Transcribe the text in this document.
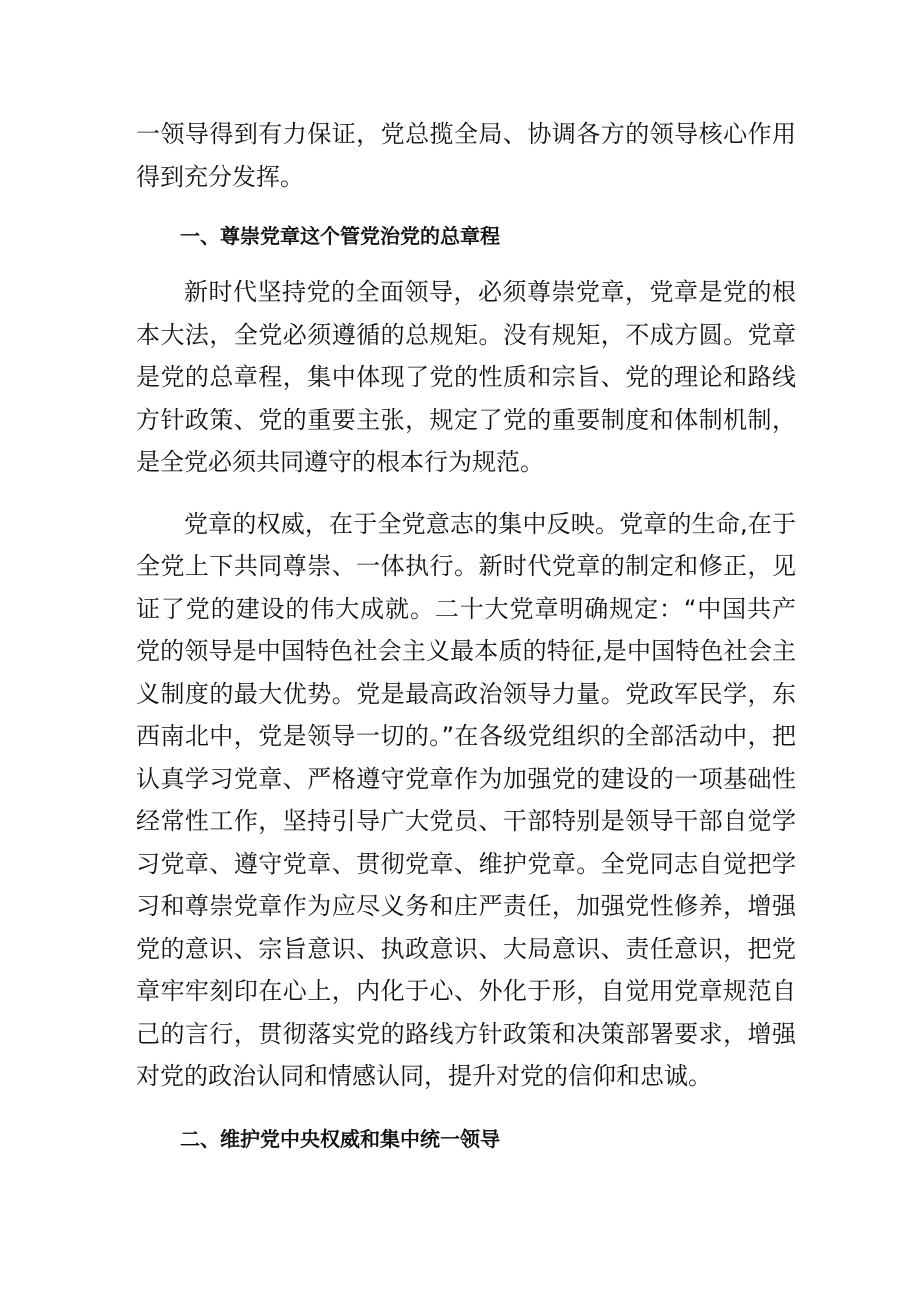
一领导得到有力保证，党总揽全局、协调各方的领导核心作用得到充分发挥。

一、尊崇党章这个管党治党的总章程

新时代坚持党的全面领导，必须尊崇党章，党章是党的根本大法，全党必须遵循的总规矩。没有规矩，不成方圆。党章是党的总章程，集中体现了党的性质和宗旨、党的理论和路线方针政策、党的重要主张，规定了党的重要制度和体制机制，是全党必须共同遵守的根本行为规范。

党章的权威，在于全党意志的集中反映。党章的生命,在于全党上下共同尊崇、一体执行。新时代党章的制定和修正，见证了党的建设的伟大成就。二十大党章明确规定：“中国共产党的领导是中国特色社会主义最本质的特征,是中国特色社会主义制度的最大优势。党是最高政治领导力量。党政军民学，东西南北中，党是领导一切的。”在各级党组织的全部活动中，把认真学习党章、严格遵守党章作为加强党的建设的一项基础性经常性工作，坚持引导广大党员、干部特别是领导干部自觉学习党章、遵守党章、贯彻党章、维护党章。全党同志自觉把学习和尊崇党章作为应尽义务和庄严责任，加强党性修养，增强党的意识、宗旨意识、执政意识、大局意识、责任意识，把党章牢牢刻印在心上，内化于心、外化于形，自觉用党章规范自己的言行，贯彻落实党的路线方针政策和决策部署要求，增强对党的政治认同和情感认同，提升对党的信仰和忠诚。

二、维护党中央权威和集中统一领导
